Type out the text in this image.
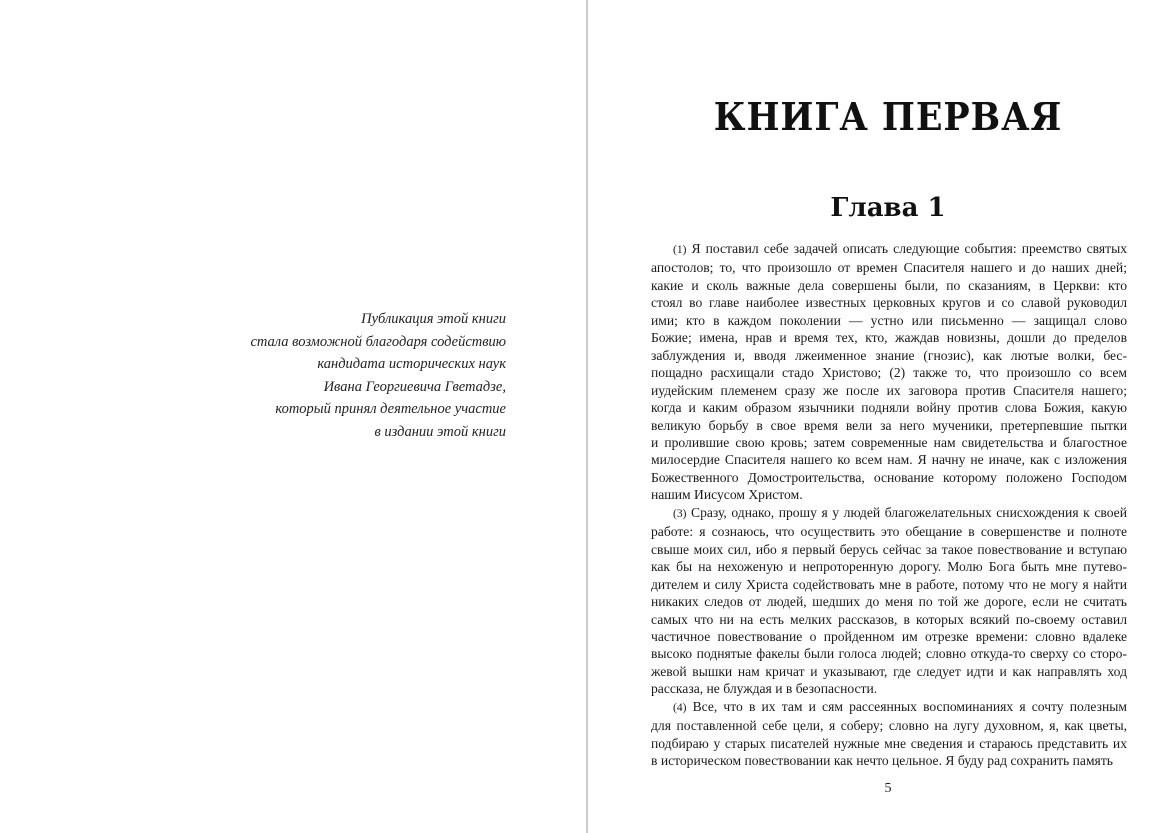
Публикация этой книги
стала возможной благодаря содействию
кандидата исторических наук
Ивана Георгиевича Гветадзе,
который принял деятельное участие
в издании этой книги
КНИГА ПЕРВАЯ
Глава 1

(1) Я поставил себе задачей описать следующие события: преемство святых
апостолов; то, что произошло от времен Спасителя нашего и до наших дней;
какие и сколь важные дела совершены были, по сказаниям, в Церкви: кто
стоял во главе наиболее известных церковных кругов и со славой руководил
ими; кто в каждом поколении — устно или письменно — защищал слово
Божие; имена, нрав и время тех, кто, жаждав новизны, дошли до пределов
заблуждения и, вводя лжеименное знание (гнозис), как лютые волки, бес-
пощадно расхищали стадо Христово; (2) также то, что произошло со всем
иудейским племенем сразу же после их заговора против Спасителя нашего;
когда и каким образом язычники подняли войну против слова Божия, какую
великую борьбу в свое время вели за него мученики, претерпевшие пытки
и пролившие свою кровь; затем современные нам свидетельства и благостное
милосердие Спасителя нашего ко всем нам. Я начну не иначе, как с изложения
Божественного Домостроительства, основание которому положено Господом
нашим Иисусом Христом.

(3) Сразу, однако, прошу я у людей благожелательных снисхождения к своей
работе: я сознаюсь, что осуществить это обещание в совершенстве и полноте
свыше моих сил, ибо я первый берусь сейчас за такое повествование и вступаю
как бы на нехоженую и непроторенную дорогу. Молю Бога быть мне путево-
дителем и силу Христа содействовать мне в работе, потому что не могу я найти
никаких следов от людей, шедших до меня по той же дороге, если не считать
самых что ни на есть мелких рассказов, в которых всякий по-своему оставил
частичное повествование о пройденном им отрезке времени: словно вдалеке
высоко поднятые факелы были голоса людей; словно откуда-то сверху со сторо-
жевой вышки нам кричат и указывают, где следует идти и как направлять ход
рассказа, не блуждая и в безопасности.

(4) Все, что в их там и сям рассеянных воспоминаниях я сочту полезным
для поставленной себе цели, я соберу; словно на лугу духовном, я, как цветы,
подбираю у старых писателей нужные мне сведения и стараюсь представить их
в историческом повествовании как нечто цельное. Я буду рад сохранить память

5
